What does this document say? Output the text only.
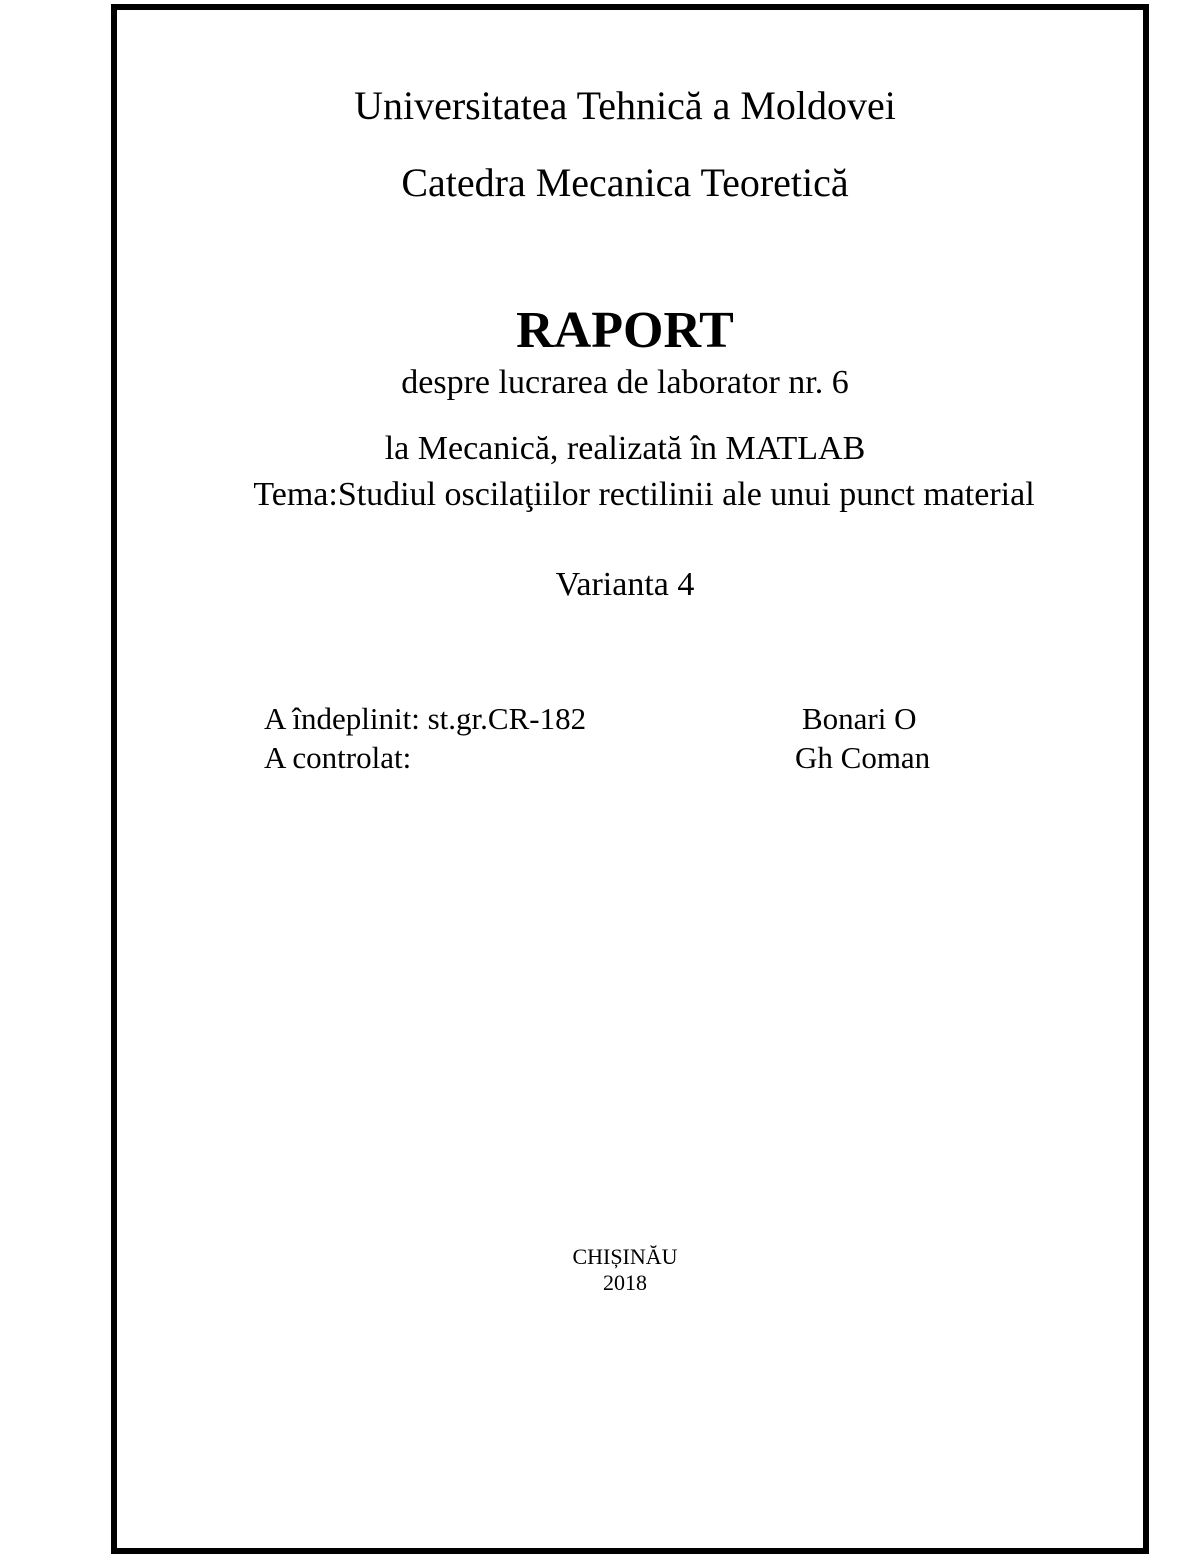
Universitatea Tehnică a Moldovei
Catedra Mecanica Teoretică
RAPORT
despre lucrarea de laborator nr. 6
la Mecanică, realizată în MATLAB
Tema:Studiul oscilaţiilor rectilinii ale unui punct material
Varianta 4
A îndeplinit: st.gr.CR-182	Bonari O
A controlat:	Gh Coman
CHIȘINĂU
2018
